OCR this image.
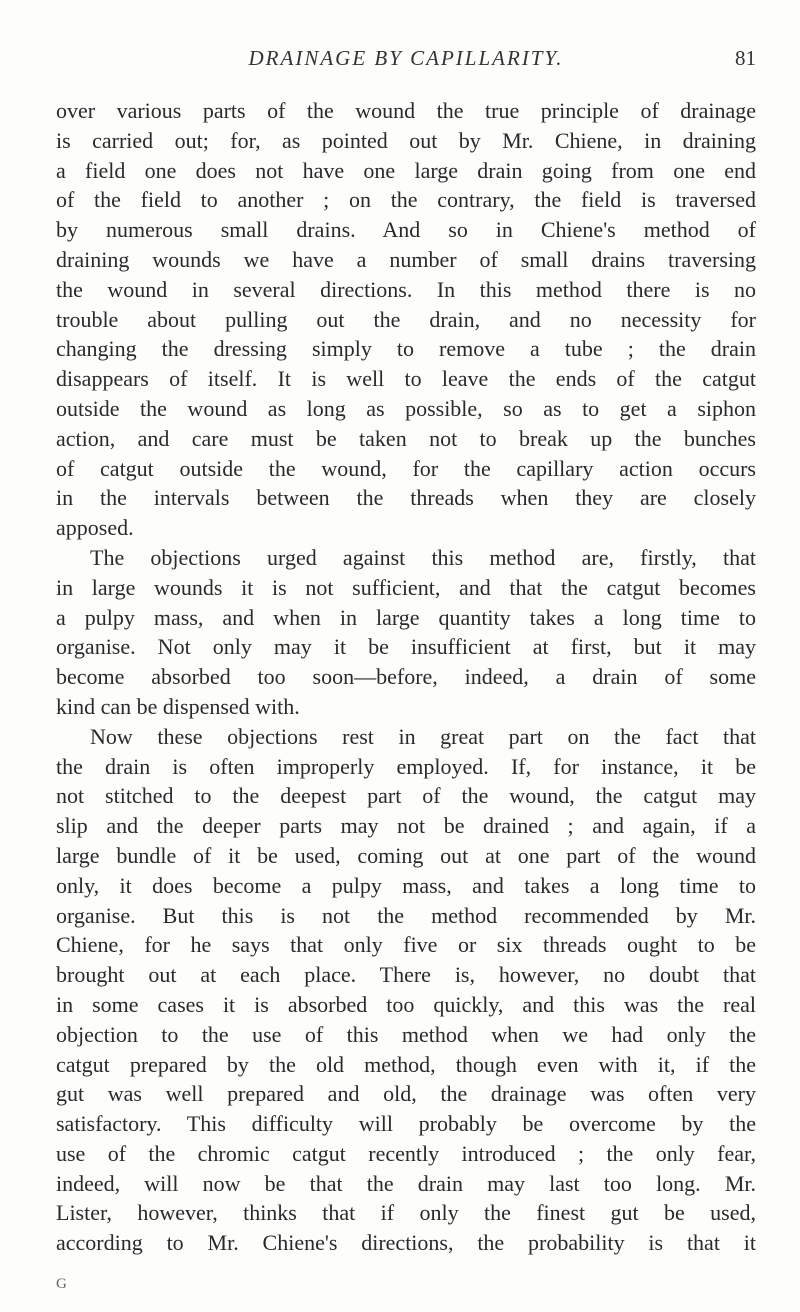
DRAINAGE BY CAPILLARITY.	81
over various parts of the wound the true principle of drainage
is carried out; for, as pointed out by Mr. Chiene, in draining
a field one does not have one large drain going from one end
of the field to another ; on the contrary, the field is traversed
by numerous small drains. And so in Chiene's method of
draining wounds we have a number of small drains traversing
the wound in several directions. In this method there is no
trouble about pulling out the drain, and no necessity for
changing the dressing simply to remove a tube ; the drain
disappears of itself. It is well to leave the ends of the catgut
outside the wound as long as possible, so as to get a siphon
action, and care must be taken not to break up the bunches
of catgut outside the wound, for the capillary action occurs
in the intervals between the threads when they are closely
apposed.
The objections urged against this method are, firstly, that
in large wounds it is not sufficient, and that the catgut becomes
a pulpy mass, and when in large quantity takes a long time to
organise. Not only may it be insufficient at first, but it may
become absorbed too soon—before, indeed, a drain of some
kind can be dispensed with.
Now these objections rest in great part on the fact that
the drain is often improperly employed. If, for instance, it be
not stitched to the deepest part of the wound, the catgut may
slip and the deeper parts may not be drained ; and again, if a
large bundle of it be used, coming out at one part of the wound
only, it does become a pulpy mass, and takes a long time to
organise. But this is not the method recommended by Mr.
Chiene, for he says that only five or six threads ought to be
brought out at each place. There is, however, no doubt that
in some cases it is absorbed too quickly, and this was the real
objection to the use of this method when we had only the
catgut prepared by the old method, though even with it, if the
gut was well prepared and old, the drainage was often very
satisfactory. This difficulty will probably be overcome by the
use of the chromic catgut recently introduced ; the only fear,
indeed, will now be that the drain may last too long. Mr.
Lister, however, thinks that if only the finest gut be used,
according to Mr. Chiene's directions, the probability is that it
G
